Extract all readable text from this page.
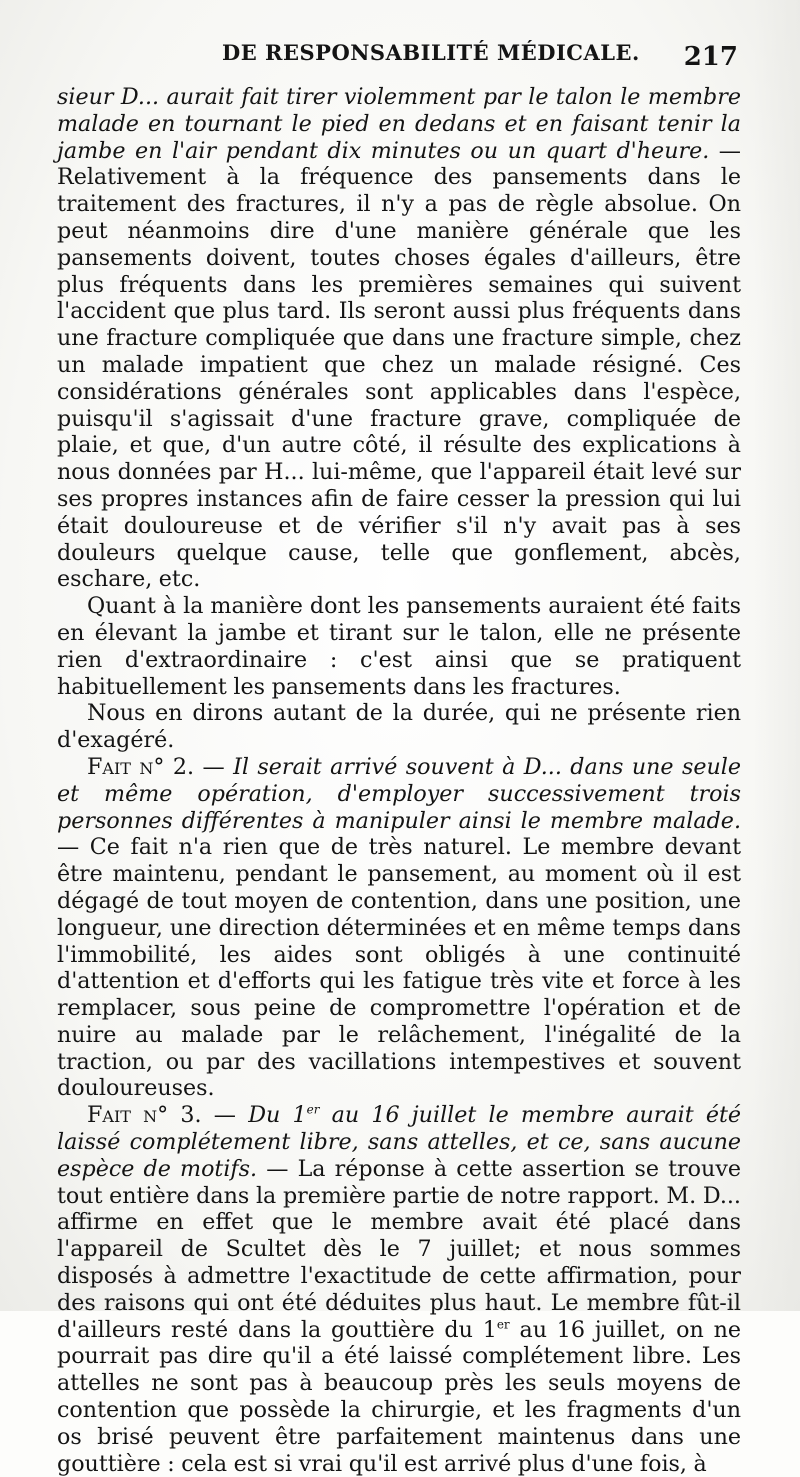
DE RESPONSABILITÉ MÉDICALE. 217

sieur D... aurait fait tirer violemment par le talon le membre malade en tournant le pied en dedans et en faisant tenir la jambe en l'air pendant dix minutes ou un quart d'heure. — Relativement à la fréquence des pansements dans le traitement des fractures, il n'y a pas de règle absolue. On peut néanmoins dire d'une manière générale que les pansements doivent, toutes choses égales d'ailleurs, être plus fréquents dans les premières semaines qui suivent l'accident que plus tard. Ils seront aussi plus fréquents dans une fracture compliquée que dans une fracture simple, chez un malade impatient que chez un malade résigné. Ces considérations générales sont applicables dans l'espèce, puisqu'il s'agissait d'une fracture grave, compliquée de plaie, et que, d'un autre côté, il résulte des explications à nous données par H... lui-même, que l'appareil était levé sur ses propres instances afin de faire cesser la pression qui lui était douloureuse et de vérifier s'il n'y avait pas à ses douleurs quelque cause, telle que gonflement, abcès, eschare, etc.

Quant à la manière dont les pansements auraient été faits en élevant la jambe et tirant sur le talon, elle ne présente rien d'extraordinaire : c'est ainsi que se pratiquent habituellement les pansements dans les fractures.

Nous en dirons autant de la durée, qui ne présente rien d'exagéré.

Fait n° 2. — Il serait arrivé souvent à D... dans une seule et même opération, d'employer successivement trois personnes différentes à manipuler ainsi le membre malade. — Ce fait n'a rien que de très naturel. Le membre devant être maintenu, pendant le pansement, au moment où il est dégagé de tout moyen de contention, dans une position, une longueur, une direction déterminées et en même temps dans l'immobilité, les aides sont obligés à une continuité d'attention et d'efforts qui les fatigue très vite et force à les remplacer, sous peine de compromettre l'opération et de nuire au malade par le relâchement, l'inégalité de la traction, ou par des vacillations intempestives et souvent douloureuses.

Fait n° 3. — Du 1er au 16 juillet le membre aurait été laissé complétement libre, sans attelles, et ce, sans aucune espèce de motifs. — La réponse à cette assertion se trouve tout entière dans la première partie de notre rapport. M. D... affirme en effet que le membre avait été placé dans l'appareil de Scultet dès le 7 juillet; et nous sommes disposés à admettre l'exactitude de cette affirmation, pour des raisons qui ont été déduites plus haut. Le membre fût-il d'ailleurs resté dans la gouttière du 1er au 16 juillet, on ne pourrait pas dire qu'il a été laissé complétement libre. Les attelles ne sont pas à beaucoup près les seuls moyens de contention que possède la chirurgie, et les fragments d'un os brisé peuvent être parfaitement maintenus dans une gouttière : cela est si vrai qu'il est arrivé plus d'une fois, à
